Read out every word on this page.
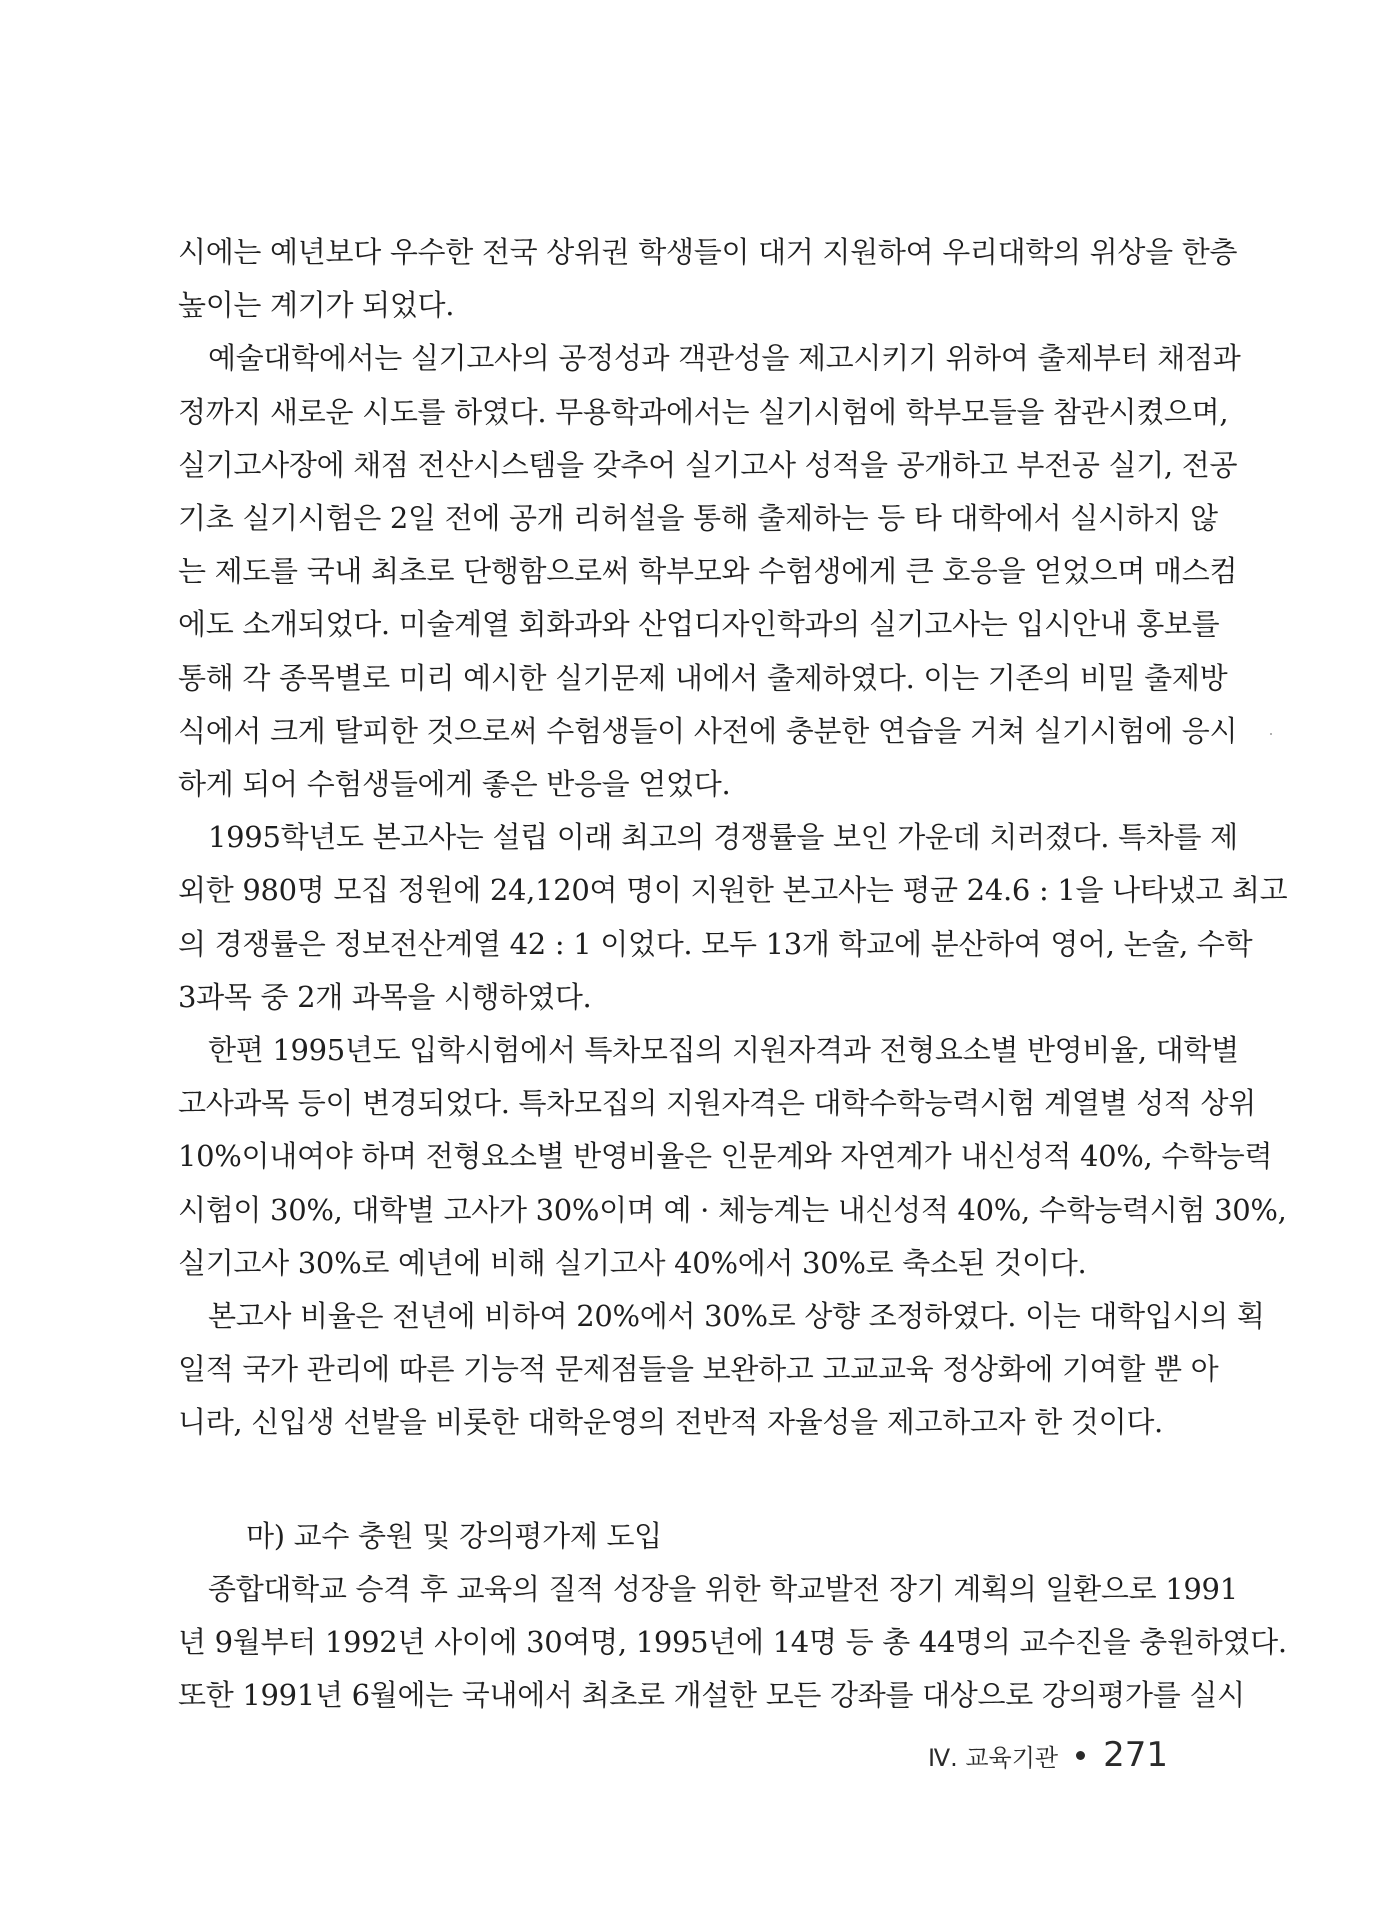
시에는 예년보다 우수한 전국 상위권 학생들이 대거 지원하여 우리대학의 위상을 한층
높이는 계기가 되었다.
예술대학에서는 실기고사의 공정성과 객관성을 제고시키기 위하여 출제부터 채점과
정까지 새로운 시도를 하였다. 무용학과에서는 실기시험에 학부모들을 참관시켰으며,
실기고사장에 채점 전산시스템을 갖추어 실기고사 성적을 공개하고 부전공 실기, 전공
기초 실기시험은 2일 전에 공개 리허설을 통해 출제하는 등 타 대학에서 실시하지 않
는 제도를 국내 최초로 단행함으로써 학부모와 수험생에게 큰 호응을 얻었으며 매스컴
에도 소개되었다. 미술계열 회화과와 산업디자인학과의 실기고사는 입시안내 홍보를
통해 각 종목별로 미리 예시한 실기문제 내에서 출제하였다. 이는 기존의 비밀 출제방
식에서 크게 탈피한 것으로써 수험생들이 사전에 충분한 연습을 거쳐 실기시험에 응시
하게 되어 수험생들에게 좋은 반응을 얻었다.
1995학년도 본고사는 설립 이래 최고의 경쟁률을 보인 가운데 치러졌다. 특차를 제
외한 980명 모집 정원에 24,120여 명이 지원한 본고사는 평균 24.6 : 1을 나타냈고 최고
의 경쟁률은 정보전산계열 42 : 1 이었다. 모두 13개 학교에 분산하여 영어, 논술, 수학
3과목 중 2개 과목을 시행하였다.
한편 1995년도 입학시험에서 특차모집의 지원자격과 전형요소별 반영비율, 대학별
고사과목 등이 변경되었다. 특차모집의 지원자격은 대학수학능력시험 계열별 성적 상위
10%이내여야 하며 전형요소별 반영비율은 인문계와 자연계가 내신성적 40%, 수학능력
시험이 30%, 대학별 고사가 30%이며 예 · 체능계는 내신성적 40%, 수학능력시험 30%,
실기고사 30%로 예년에 비해 실기고사 40%에서 30%로 축소된 것이다.
본고사 비율은 전년에 비하여 20%에서 30%로 상향 조정하였다. 이는 대학입시의 획
일적 국가 관리에 따른 기능적 문제점들을 보완하고 고교교육 정상화에 기여할 뿐 아
니라, 신입생 선발을 비롯한 대학운영의 전반적 자율성을 제고하고자 한 것이다.
마) 교수 충원 및 강의평가제 도입
종합대학교 승격 후 교육의 질적 성장을 위한 학교발전 장기 계획의 일환으로 1991
년 9월부터 1992년 사이에 30여명, 1995년에 14명 등 총 44명의 교수진을 충원하였다.
또한 1991년 6월에는 국내에서 최초로 개설한 모든 강좌를 대상으로 강의평가를 실시
Ⅳ. 교육기관 271
